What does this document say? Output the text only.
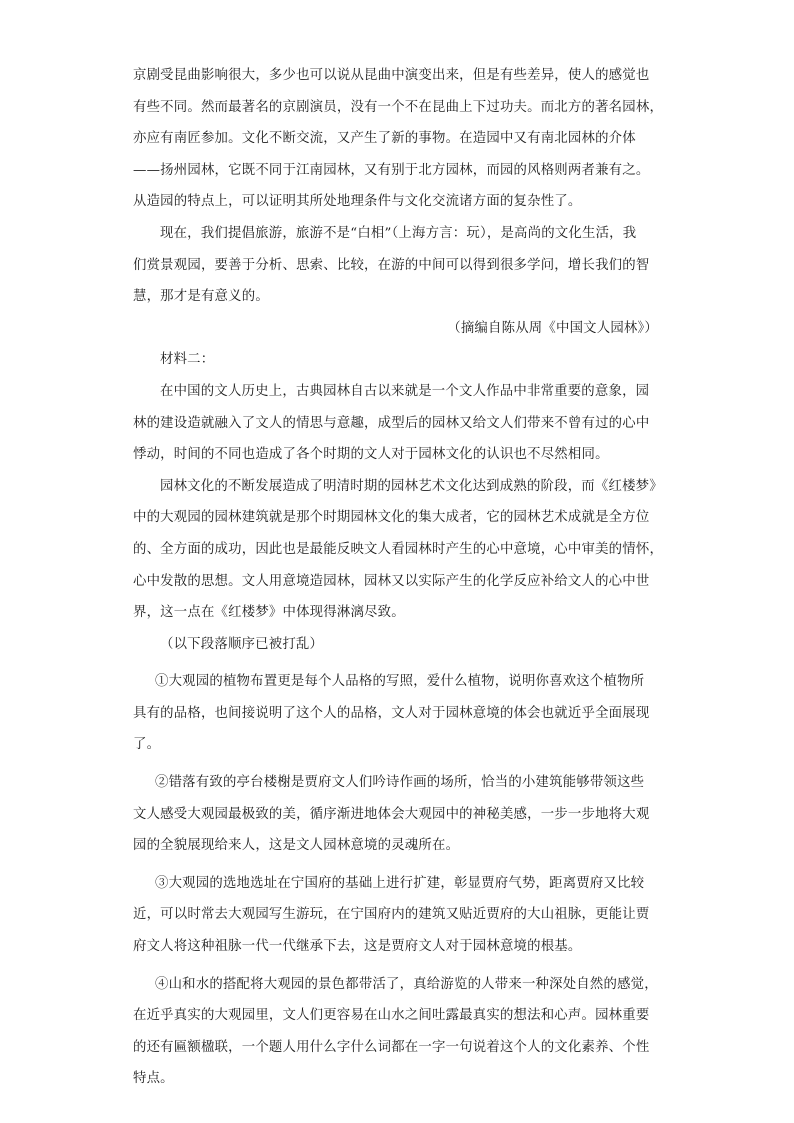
京剧受昆曲影响很大，多少也可以说从昆曲中演变出来，但是有些差异，使人的感觉也
有些不同。然而最著名的京剧演员，没有一个不在昆曲上下过功夫。而北方的著名园林，
亦应有南匠参加。文化不断交流，又产生了新的事物。在造园中又有南北园林的介体
——扬州园林，它既不同于江南园林，又有别于北方园林，而园的风格则两者兼有之。
从造园的特点上，可以证明其所处地理条件与文化交流诸方面的复杂性了。
现在，我们提倡旅游，旅游不是“白相”（上海方言：玩），是高尚的文化生活，我
们赏景观园，要善于分析、思索、比较，在游的中间可以得到很多学问，增长我们的智
慧，那才是有意义的。
（摘编自陈从周《中国文人园林》）
材料二：
在中国的文人历史上，古典园林自古以来就是一个文人作品中非常重要的意象，园
林的建设造就融入了文人的情思与意趣，成型后的园林又给文人们带来不曾有过的心中
悸动，时间的不同也造成了各个时期的文人对于园林文化的认识也不尽然相同。
园林文化的不断发展造成了明清时期的园林艺术文化达到成熟的阶段，而《红楼梦》
中的大观园的园林建筑就是那个时期园林文化的集大成者，它的园林艺术成就是全方位
的、全方面的成功，因此也是最能反映文人看园林时产生的心中意境，心中审美的情怀，
心中发散的思想。文人用意境造园林，园林又以实际产生的化学反应补给文人的心中世
界，这一点在《红楼梦》中体现得淋漓尽致。
（以下段落顺序已被打乱）
①大观园的植物布置更是每个人品格的写照，爱什么植物，说明你喜欢这个植物所
具有的品格，也间接说明了这个人的品格，文人对于园林意境的体会也就近乎全面展现
了。
②错落有致的亭台楼榭是贾府文人们吟诗作画的场所，恰当的小建筑能够带领这些
文人感受大观园最极致的美，循序渐进地体会大观园中的神秘美感，一步一步地将大观
园的全貌展现给来人，这是文人园林意境的灵魂所在。
③大观园的选地选址在宁国府的基础上进行扩建，彰显贾府气势，距离贾府又比较
近，可以时常去大观园写生游玩，在宁国府内的建筑又贴近贾府的大山祖脉，更能让贾
府文人将这种祖脉一代一代继承下去，这是贾府文人对于园林意境的根基。
④山和水的搭配将大观园的景色都带活了，真给游览的人带来一种深处自然的感觉，
在近乎真实的大观园里，文人们更容易在山水之间吐露最真实的想法和心声。园林重要
的还有匾额楹联，一个题人用什么字什么词都在一字一句说着这个人的文化素养、个性
特点。
